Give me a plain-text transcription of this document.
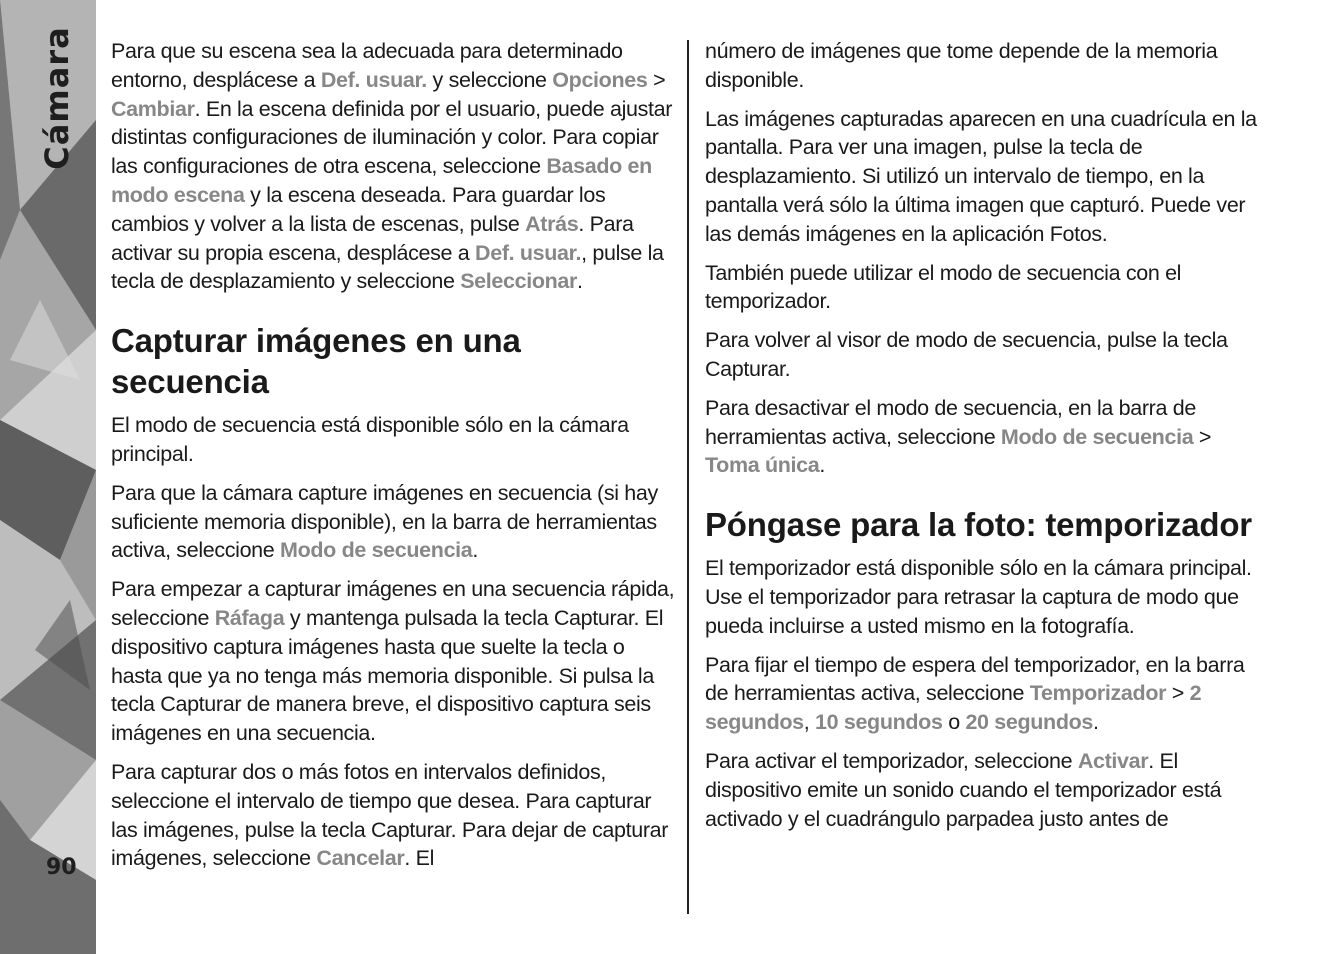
Cámara
90

Para que su escena sea la adecuada para determinado entorno, desplácese a Def. usuar. y seleccione Opciones > Cambiar. En la escena definida por el usuario, puede ajustar distintas configuraciones de iluminación y color. Para copiar las configuraciones de otra escena, seleccione Basado en modo escena y la escena deseada. Para guardar los cambios y volver a la lista de escenas, pulse Atrás. Para activar su propia escena, desplácese a Def. usuar., pulse la tecla de desplazamiento y seleccione Seleccionar.

Capturar imágenes en una secuencia

El modo de secuencia está disponible sólo en la cámara principal.

Para que la cámara capture imágenes en secuencia (si hay suficiente memoria disponible), en la barra de herramientas activa, seleccione Modo de secuencia.

Para empezar a capturar imágenes en una secuencia rápida, seleccione Ráfaga y mantenga pulsada la tecla Capturar. El dispositivo captura imágenes hasta que suelte la tecla o hasta que ya no tenga más memoria disponible. Si pulsa la tecla Capturar de manera breve, el dispositivo captura seis imágenes en una secuencia.

Para capturar dos o más fotos en intervalos definidos, seleccione el intervalo de tiempo que desea. Para capturar las imágenes, pulse la tecla Capturar. Para dejar de capturar imágenes, seleccione Cancelar. El

número de imágenes que tome depende de la memoria disponible.

Las imágenes capturadas aparecen en una cuadrícula en la pantalla. Para ver una imagen, pulse la tecla de desplazamiento. Si utilizó un intervalo de tiempo, en la pantalla verá sólo la última imagen que capturó. Puede ver las demás imágenes en la aplicación Fotos.

También puede utilizar el modo de secuencia con el temporizador.

Para volver al visor de modo de secuencia, pulse la tecla Capturar.

Para desactivar el modo de secuencia, en la barra de herramientas activa, seleccione Modo de secuencia > Toma única.

Póngase para la foto: temporizador

El temporizador está disponible sólo en la cámara principal. Use el temporizador para retrasar la captura de modo que pueda incluirse a usted mismo en la fotografía.

Para fijar el tiempo de espera del temporizador, en la barra de herramientas activa, seleccione Temporizador > 2 segundos, 10 segundos o 20 segundos.

Para activar el temporizador, seleccione Activar. El dispositivo emite un sonido cuando el temporizador está activado y el cuadrángulo parpadea justo antes de
